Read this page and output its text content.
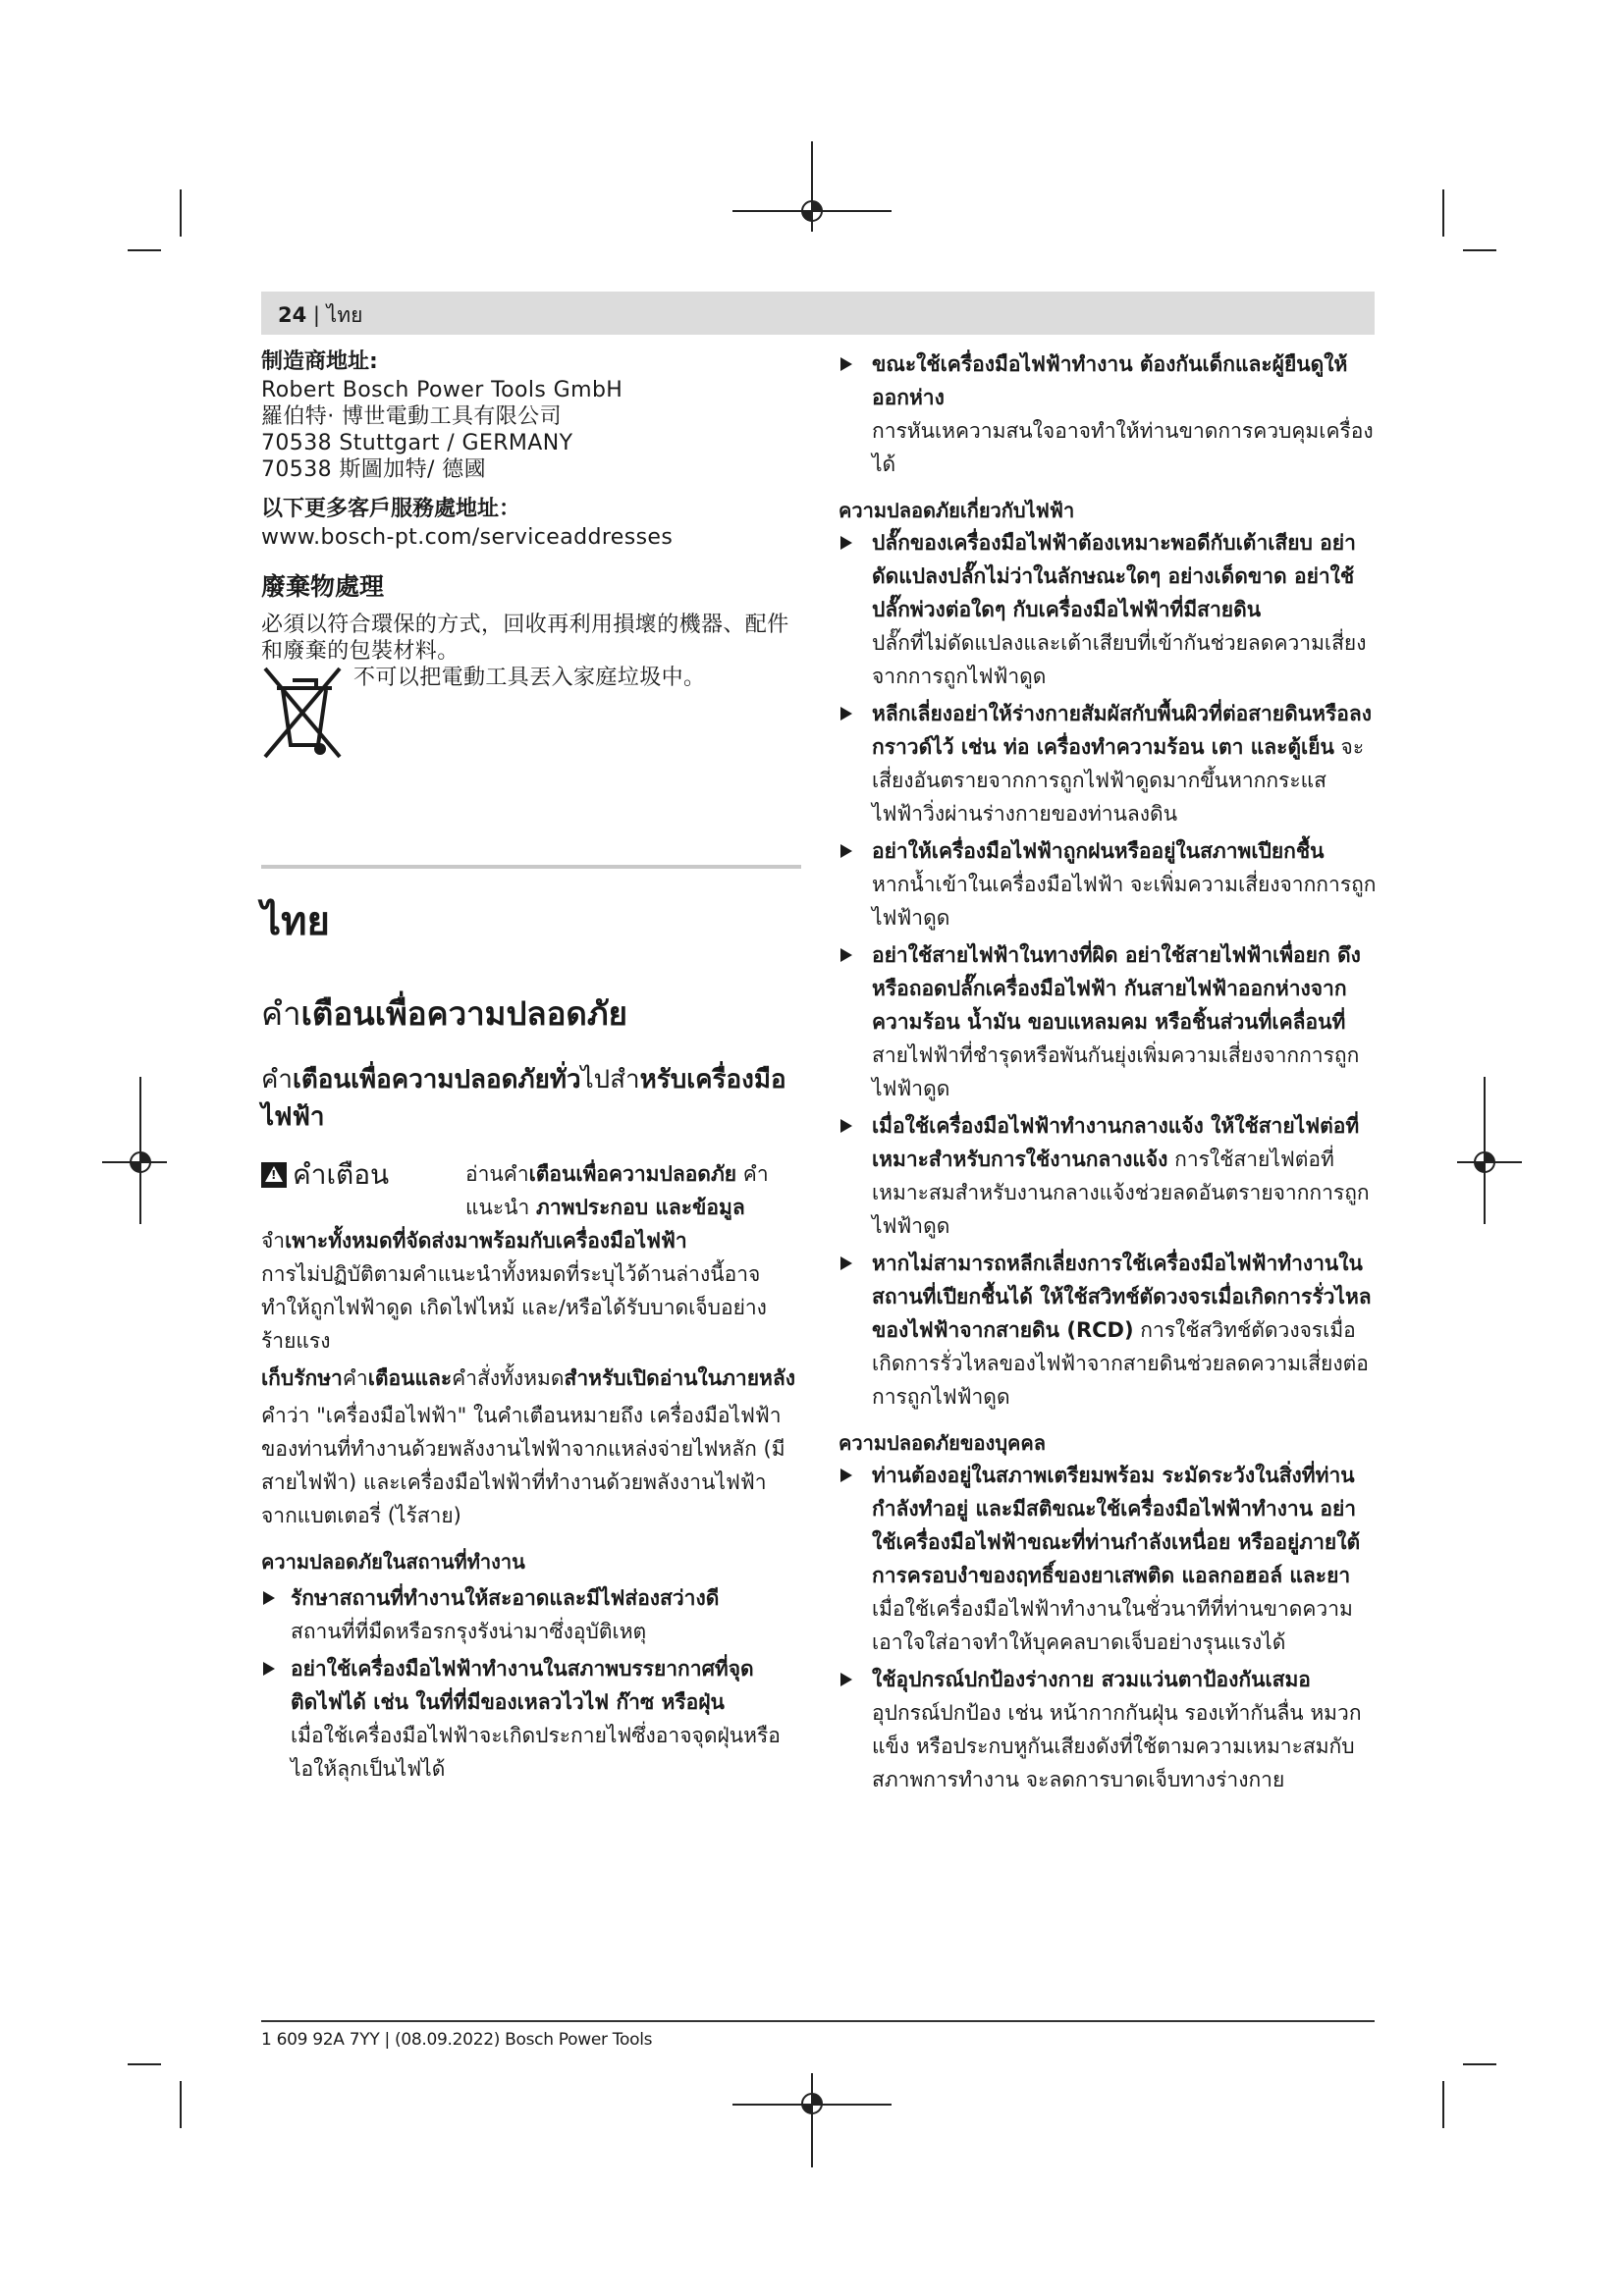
24 | ไทย
制造商地址:
Robert Bosch Power Tools GmbH
羅伯特· 博世電動工具有限公司
70538 Stuttgart / GERMANY
70538 斯圖加特/ 德國
以下更多客戶服務處地址：
www.bosch-pt.com/serviceaddresses
廢棄物處理
必須以符合環保的方式，回收再利用損壞的機器、配件和廢棄的包裝材料。
不可以把電動工具丟入家庭垃圾中。
ไทย
คำเตือนเพื่อความปลอดภัย
คำเตือนเพื่อความปลอดภัยทั่วไปสำหรับเครื่องมือไฟฟ้า
!
คำเตือน	อ่านคำเตือนเพื่อความปลอดภัย คำแนะนำ ภาพประกอบ และข้อมูล
จำเพาะทั้งหมดที่จัดส่งมาพร้อมกับเครื่องมือไฟฟ้า
การไม่ปฏิบัติตามคำแนะนำทั้งหมดที่ระบุไว้ด้านล่างนี้อาจทำให้ถูกไฟฟ้าดูด เกิดไฟไหม้ และ/หรือได้รับบาดเจ็บอย่างร้ายแรง
เก็บรักษาคำเตือนและคำสั่งทั้งหมดสำหรับเปิดอ่านในภายหลัง
คำว่า "เครื่องมือไฟฟ้า" ในคำเตือนหมายถึง เครื่องมือไฟฟ้าของท่านที่ทำงานด้วยพลังงานไฟฟ้าจากแหล่งจ่ายไฟหลัก (มีสายไฟฟ้า) และเครื่องมือไฟฟ้าที่ทำงานด้วยพลังงานไฟฟ้าจากแบตเตอรี่ (ไร้สาย)
ความปลอดภัยในสถานที่ทำงาน
รักษาสถานที่ทำงานให้สะอาดและมีไฟส่องสว่างดี
สถานที่ที่มืดหรือรกรุงรังน่ามาซึ่งอุบัติเหตุ
อย่าใช้เครื่องมือไฟฟ้าทำงานในสภาพบรรยากาศที่จุดติดไฟได้ เช่น ในที่ที่มีของเหลวไวไฟ ก๊าซ หรือฝุ่น
เมื่อใช้เครื่องมือไฟฟ้าจะเกิดประกายไฟซึ่งอาจจุดฝุ่นหรือไอให้ลุกเป็นไฟได้
ขณะใช้เครื่องมือไฟฟ้าทำงาน ต้องกันเด็กและผู้ยืนดูให้ออกห่าง
การหันเหความสนใจอาจทำให้ท่านขาดการควบคุมเครื่องได้
ความปลอดภัยเกี่ยวกับไฟฟ้า
ปลั๊กของเครื่องมือไฟฟ้าต้องเหมาะพอดีกับเต้าเสียบ อย่าดัดแปลงปลั๊กไม่ว่าในลักษณะใดๆ อย่างเด็ดขาด อย่าใช้ปลั๊กพ่วงต่อใดๆ กับเครื่องมือไฟฟ้าที่มีสายดิน
ปลั๊กที่ไม่ดัดแปลงและเต้าเสียบที่เข้ากันช่วยลดความเสี่ยงจากการถูกไฟฟ้าดูด
หลีกเลี่ยงอย่าให้ร่างกายสัมผัสกับพื้นผิวที่ต่อสายดินหรือลงกราวด์ไว้ เช่น ท่อ เครื่องทำความร้อน เตา และตู้เย็น จะเสี่ยงอันตรายจากการถูกไฟฟ้าดูดมากขึ้นหากกระแสไฟฟ้าวิ่งผ่านร่างกายของท่านลงดิน
อย่าให้เครื่องมือไฟฟ้าถูกฝนหรืออยู่ในสภาพเปียกชื้น
หากน้ำเข้าในเครื่องมือไฟฟ้า จะเพิ่มความเสี่ยงจากการถูกไฟฟ้าดูด
อย่าใช้สายไฟฟ้าในทางที่ผิด อย่าใช้สายไฟฟ้าเพื่อยก ดึง หรือถอดปลั๊กเครื่องมือไฟฟ้า กันสายไฟฟ้าออกห่างจากความร้อน น้ำมัน ขอบแหลมคม หรือชิ้นส่วนที่เคลื่อนที่ สายไฟฟ้าที่ชำรุดหรือพันกันยุ่งเพิ่มความเสี่ยงจากการถูกไฟฟ้าดูด
เมื่อใช้เครื่องมือไฟฟ้าทำงานกลางแจ้ง ให้ใช้สายไฟต่อที่เหมาะสำหรับการใช้งานกลางแจ้ง การใช้สายไฟต่อที่เหมาะสมสำหรับงานกลางแจ้งช่วยลดอันตรายจากการถูกไฟฟ้าดูด
หากไม่สามารถหลีกเลี่ยงการใช้เครื่องมือไฟฟ้าทำงานในสถานที่เปียกชื้นได้ ให้ใช้สวิทช์ตัดวงจรเมื่อเกิดการรั่วไหลของไฟฟ้าจากสายดิน (RCD) การใช้สวิทช์ตัดวงจรเมื่อเกิดการรั่วไหลของไฟฟ้าจากสายดินช่วยลดความเสี่ยงต่อการถูกไฟฟ้าดูด
ความปลอดภัยของบุคคล
ท่านต้องอยู่ในสภาพเตรียมพร้อม ระมัดระวังในสิ่งที่ท่านกำลังทำอยู่ และมีสติขณะใช้เครื่องมือไฟฟ้าทำงาน อย่าใช้เครื่องมือไฟฟ้าขณะที่ท่านกำลังเหนื่อย หรืออยู่ภายใต้การครอบงำของฤทธิ์ของยาเสพติด แอลกอฮอล์ และยา เมื่อใช้เครื่องมือไฟฟ้าทำงานในชั่วนาทีที่ท่านขาดความเอาใจใส่อาจทำให้บุคคลบาดเจ็บอย่างรุนแรงได้
ใช้อุปกรณ์ปกป้องร่างกาย สวมแว่นตาป้องกันเสมอ
อุปกรณ์ปกป้อง เช่น หน้ากากกันฝุ่น รองเท้ากันลื่น หมวกแข็ง หรือประกบหูกันเสียงดังที่ใช้ตามความเหมาะสมกับสภาพการทำงาน จะลดการบาดเจ็บทางร่างกาย
1 609 92A 7YY | (08.09.2022) Bosch Power Tools
